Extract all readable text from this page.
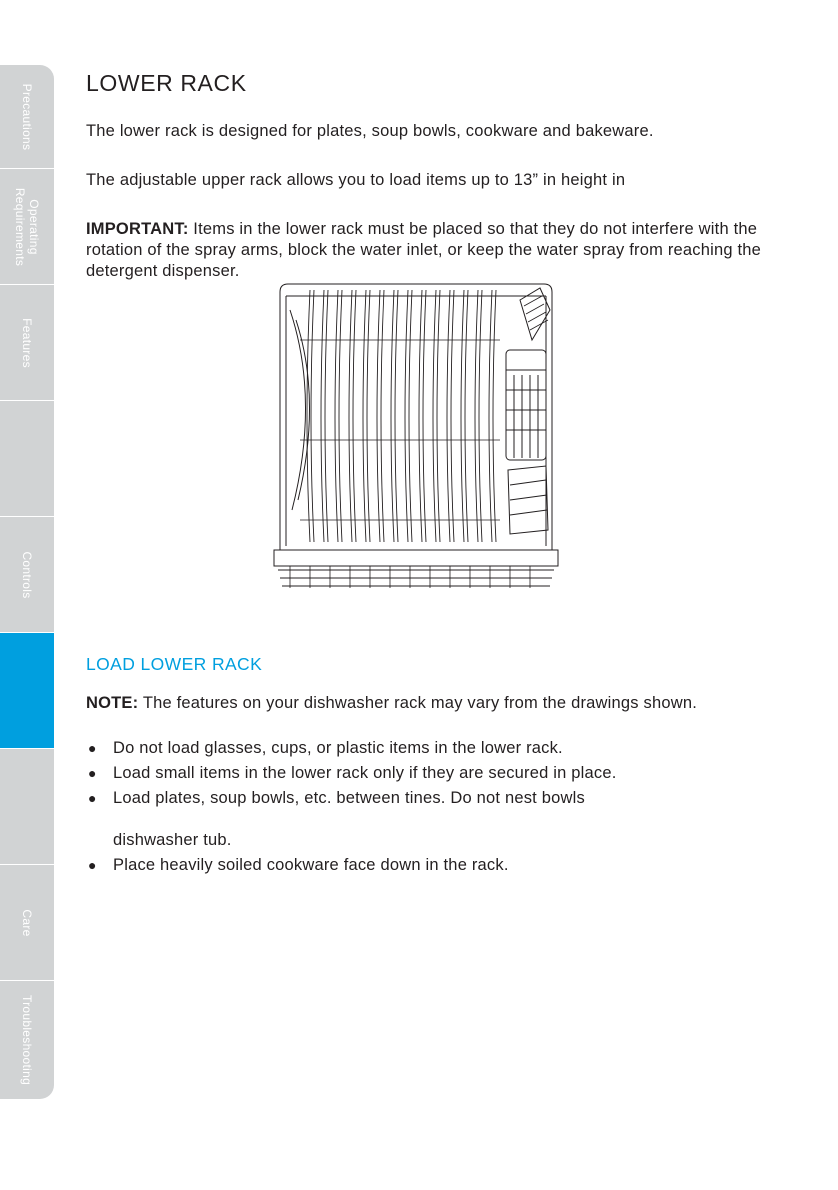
Precautions
Operating
Requirements
Features
Controls
Care
Troubleshooting
LOWER RACK

The lower rack is designed for plates, soup bowls, cookware and bakeware.

The adjustable upper rack allows you to load items up to 13” in height in

IMPORTANT: Items in the lower rack must be placed so that they do not interfere with the rotation of the spray arms, block the water inlet, or keep the water spray from reaching the detergent dispenser.

LOAD LOWER RACK

NOTE: The features on your dishwasher rack may vary from the drawings shown.

● Do not load glasses, cups, or plastic items in the lower rack.
● Load small items in the lower rack only if they are secured in place.
● Load plates, soup bowls, etc. between tines. Do not nest bowls
dishwasher tub.
● Place heavily soiled cookware face down in the rack.
